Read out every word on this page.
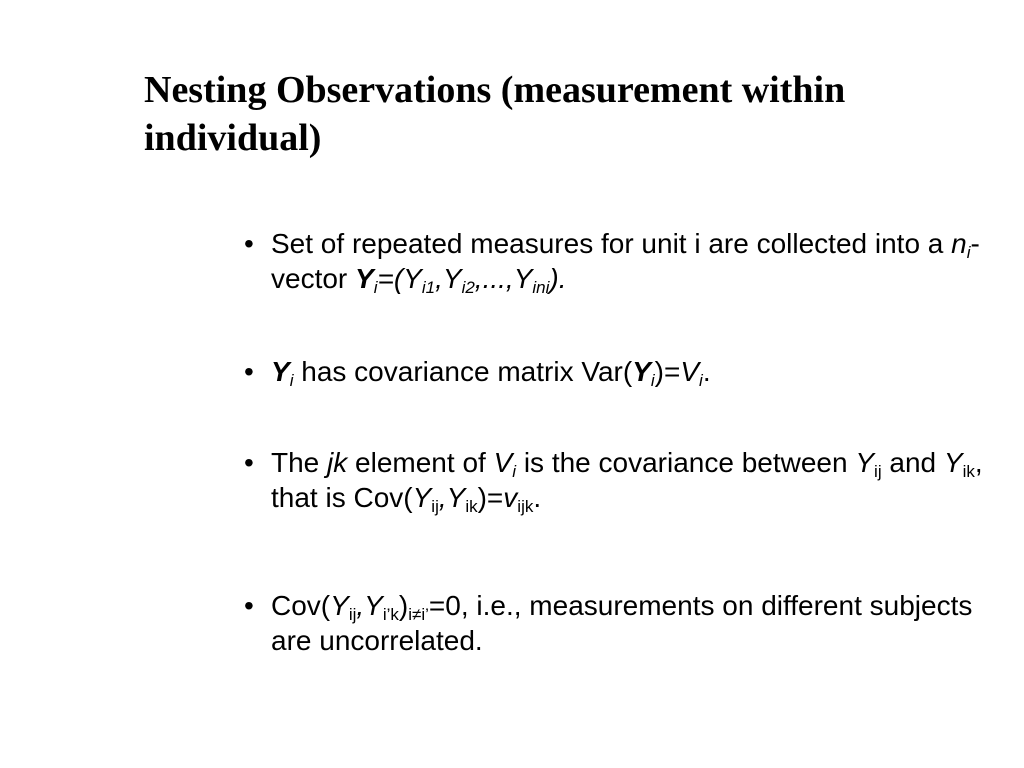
Nesting Observations (measurement within individual)
• Set of repeated measures for unit i are collected into a $n_i$-vector $Y_i=(Y_{i1},Y_{i2},...,Y_{ini})$.
• $Y_i$ has covariance matrix $Var(Y_i)=V_i$.
• The jk element of $V_i$ is the covariance between $Y_{ij}$ and $Y_{ik}$, that is $Cov(Y_{ij},Y_{ik})=v_{ijk}$.
• $Cov(Y_{ij},Y_{i’k})_{i\ne i’}=0$, i.e., measurements on different subjects are uncorrelated.
